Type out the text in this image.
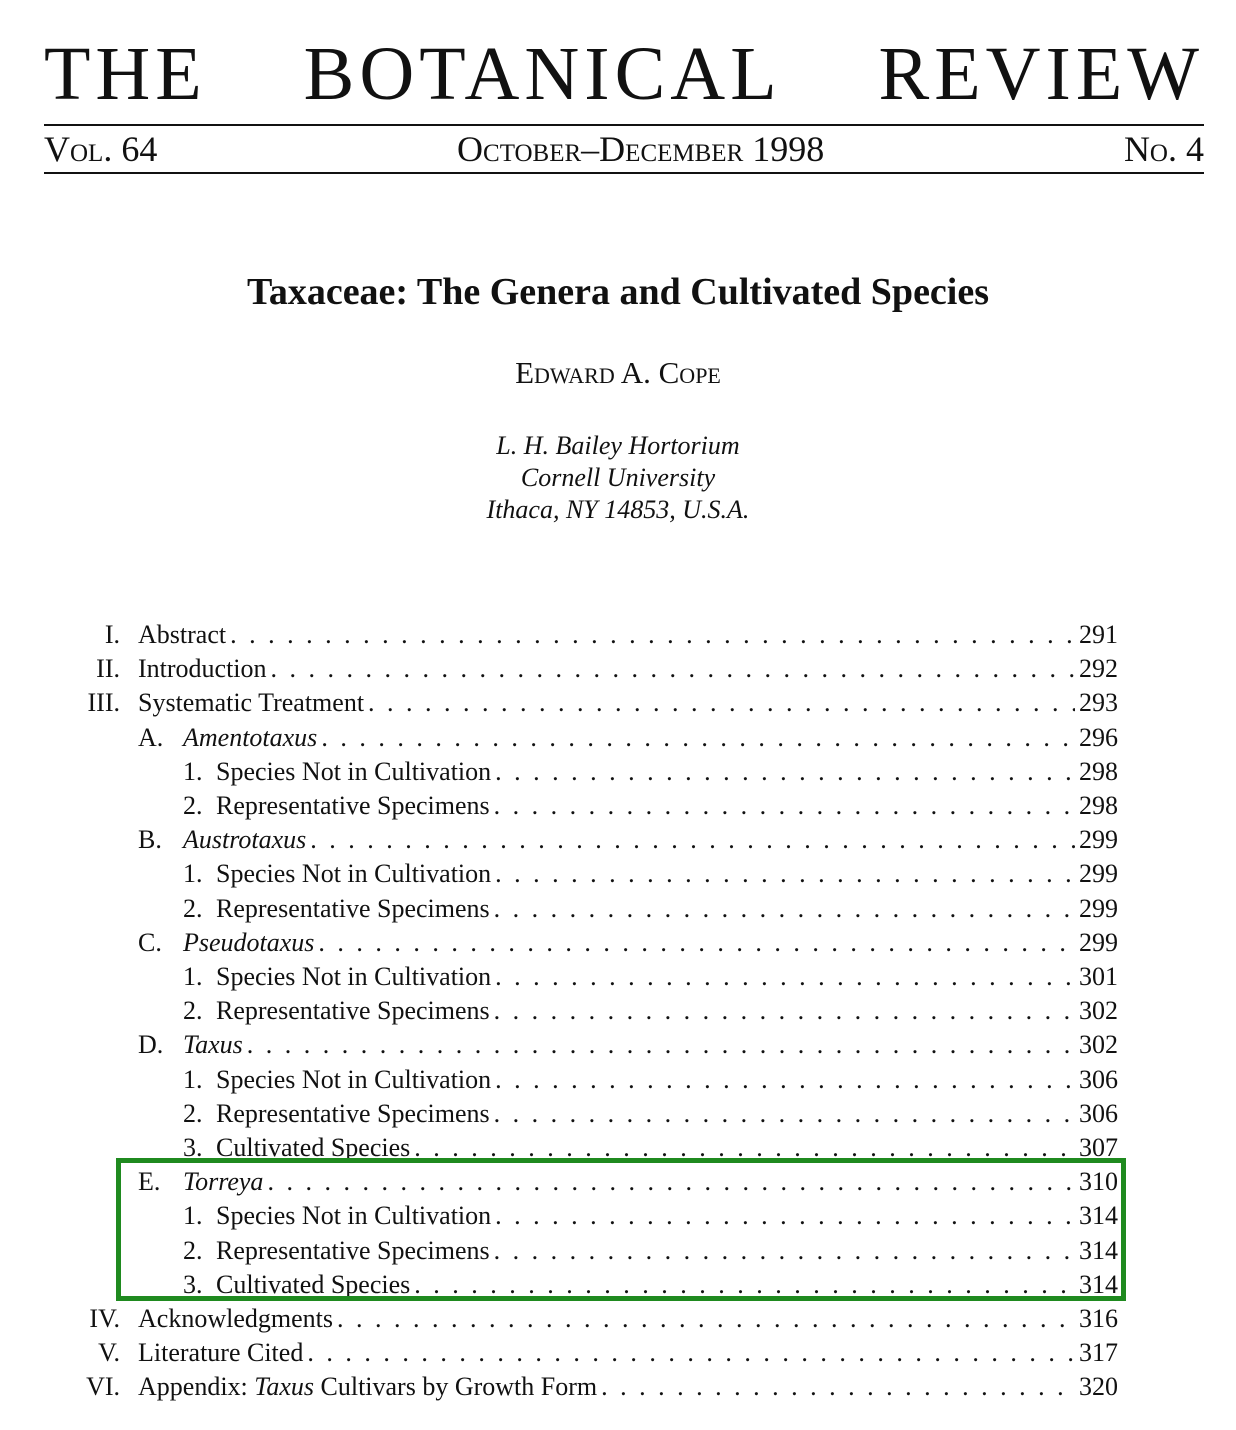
THE BOTANICAL REVIEW
Vol. 64	October–December 1998	No. 4
Taxaceae: The Genera and Cultivated Species
Edward A. Cope
L. H. Bailey Hortorium
Cornell University
Ithaca, NY 14853, U.S.A.
I. Abstract . . .	291
II. Introduction . . .	292
III. Systematic Treatment . . .	293
A. Amentotaxus . . .	296
1. Species Not in Cultivation . . .	298
2. Representative Specimens . . .	298
B. Austrotaxus . . .	299
1. Species Not in Cultivation . . .	299
2. Representative Specimens . . .	299
C. Pseudotaxus . . .	299
1. Species Not in Cultivation . . .	301
2. Representative Specimens . . .	302
D. Taxus . . .	302
1. Species Not in Cultivation . . .	306
2. Representative Specimens . . .	306
3. Cultivated Species . . .	307
E. Torreya . . .	310
1. Species Not in Cultivation . . .	314
2. Representative Specimens . . .	314
3. Cultivated Species . . .	314
IV. Acknowledgments . . .	316
V. Literature Cited . . .	317
VI. Appendix: Taxus Cultivars by Growth Form . . .	320
